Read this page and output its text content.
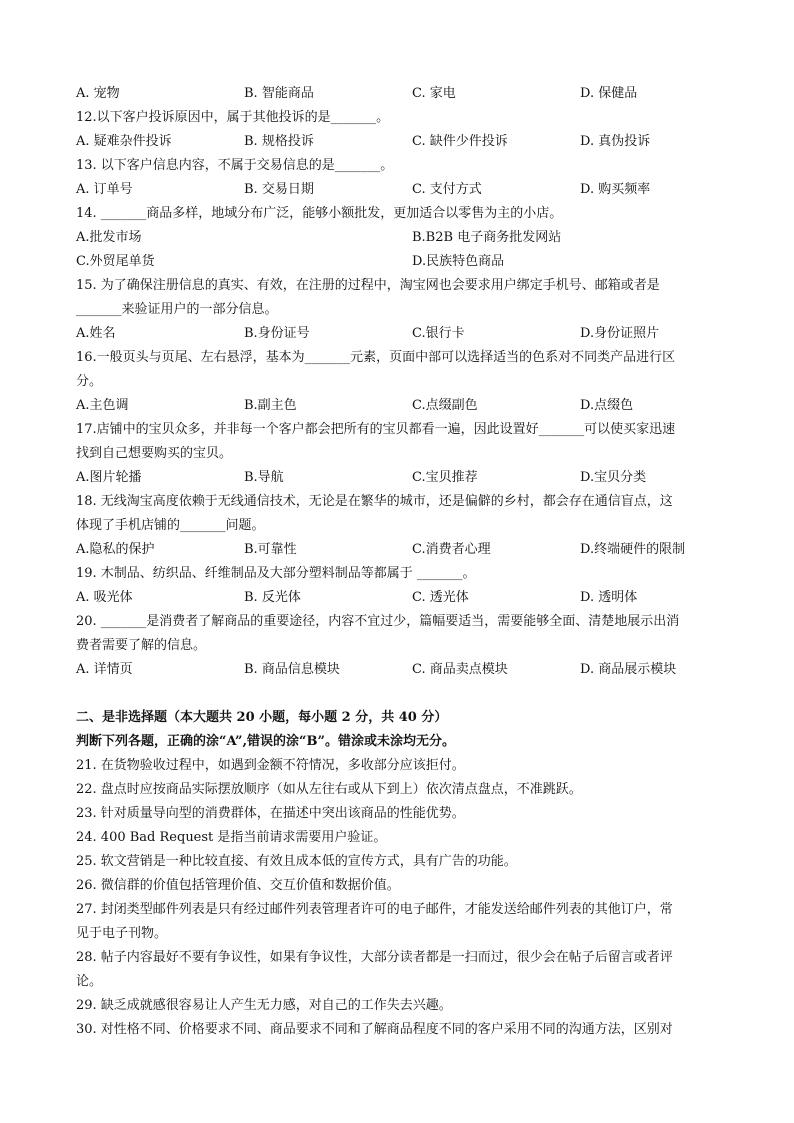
A. 宠物	B. 智能商品	C. 家电	D. 保健品
12.以下客户投诉原因中，属于其他投诉的是_______。
A. 疑难杂件投诉	B. 规格投诉	C. 缺件少件投诉	D. 真伪投诉
13. 以下客户信息内容，不属于交易信息的是_______。
A. 订单号	B. 交易日期	C. 支付方式	D. 购买频率
14. _______商品多样，地域分布广泛，能够小额批发，更加适合以零售为主的小店。
A.批发市场	B.B2B 电子商务批发网站
C.外贸尾单货	D.民族特色商品
15. 为了确保注册信息的真实、有效，在注册的过程中，淘宝网也会要求用户绑定手机号、邮箱或者是
_______来验证用户的一部分信息。
A.姓名	B.身份证号	C.银行卡	D.身份证照片
16.一般页头与页尾、左右悬浮，基本为_______元素，页面中部可以选择适当的色系对不同类产品进行区
分。
A.主色调	B.副主色	C.点缀副色	D.点缀色
17.店铺中的宝贝众多，并非每一个客户都会把所有的宝贝都看一遍，因此设置好_______可以使买家迅速
找到自己想要购买的宝贝。
A.图片轮播	B.导航	C.宝贝推荐	D.宝贝分类
18. 无线淘宝高度依赖于无线通信技术，无论是在繁华的城市，还是偏僻的乡村，都会存在通信盲点，这
体现了手机店铺的_______问题。
A.隐私的保护	B.可靠性	C.消费者心理	D.终端硬件的限制
19. 木制品、纺织品、纤维制品及大部分塑料制品等都属于 _______。
A. 吸光体	B. 反光体	C. 透光体	D. 透明体
20. _______是消费者了解商品的重要途径，内容不宜过少，篇幅要适当，需要能够全面、清楚地展示出消
费者需要了解的信息。
A. 详情页	B. 商品信息模块	C. 商品卖点模块	D. 商品展示模块
二、是非选择题（本大题共 20 小题，每小题 2 分，共 40 分）
判断下列各题，正确的涂“A”,错误的涂“B”。错涂或未涂均无分。
21. 在货物验收过程中，如遇到金额不符情况，多收部分应该拒付。
22. 盘点时应按商品实际摆放顺序（如从左往右或从下到上）依次清点盘点，不准跳跃。
23. 针对质量导向型的消费群体，在描述中突出该商品的性能优势。
24. 400 Bad Request 是指当前请求需要用户验证。
25. 软文营销是一种比较直接、有效且成本低的宣传方式，具有广告的功能。
26. 微信群的价值包括管理价值、交互价值和数据价值。
27. 封闭类型邮件列表是只有经过邮件列表管理者许可的电子邮件，才能发送给邮件列表的其他订户，常
见于电子刊物。
28. 帖子内容最好不要有争议性，如果有争议性，大部分读者都是一扫而过，很少会在帖子后留言或者评
论。
29. 缺乏成就感很容易让人产生无力感，对自己的工作失去兴趣。
30. 对性格不同、价格要求不同、商品要求不同和了解商品程度不同的客户采用不同的沟通方法，区别对
